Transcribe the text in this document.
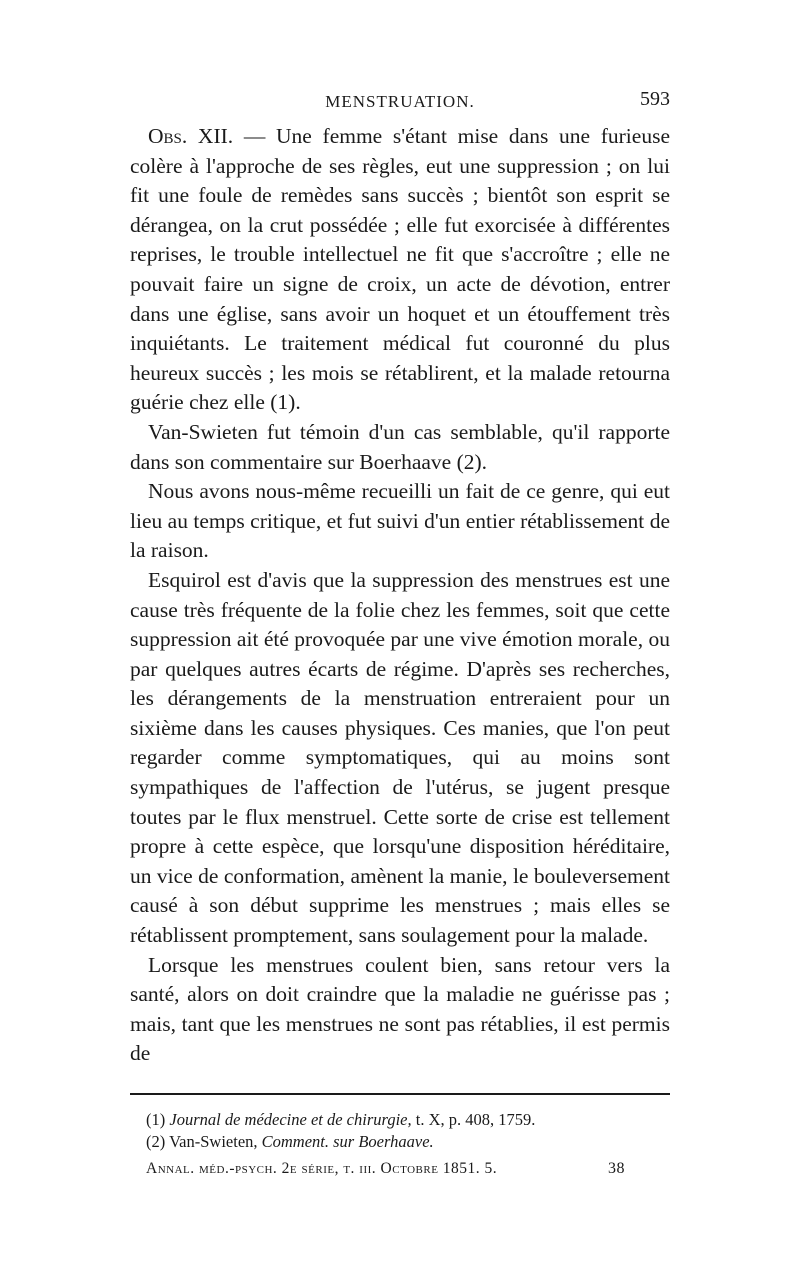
MENSTRUATION.	593

Obs. XII. — Une femme s'étant mise dans une furieuse colère à l'approche de ses règles, eut une suppression ; on lui fit une foule de remèdes sans succès ; bientôt son esprit se dérangea, on la crut possédée ; elle fut exorcisée à différentes reprises, le trouble intellectuel ne fit que s'accroître ; elle ne pouvait faire un signe de croix, un acte de dévotion, entrer dans une église, sans avoir un hoquet et un étouffement très inquiétants. Le traitement médical fut couronné du plus heureux succès ; les mois se rétablirent, et la malade retourna guérie chez elle (1).

Van-Swieten fut témoin d'un cas semblable, qu'il rapporte dans son commentaire sur Boerhaave (2).

Nous avons nous-même recueilli un fait de ce genre, qui eut lieu au temps critique, et fut suivi d'un entier rétablissement de la raison.

Esquirol est d'avis que la suppression des menstrues est une cause très fréquente de la folie chez les femmes, soit que cette suppression ait été provoquée par une vive émotion morale, ou par quelques autres écarts de régime. D'après ses recherches, les dérangements de la menstruation entreraient pour un sixième dans les causes physiques. Ces manies, que l'on peut regarder comme symptomatiques, qui au moins sont sympathiques de l'affection de l'utérus, se jugent presque toutes par le flux menstruel. Cette sorte de crise est tellement propre à cette espèce, que lorsqu'une disposition héréditaire, un vice de conformation, amènent la manie, le bouleversement causé à son début supprime les menstrues ; mais elles se rétablissent promptement, sans soulagement pour la malade.

Lorsque les menstrues coulent bien, sans retour vers la santé, alors on doit craindre que la maladie ne guérisse pas ; mais, tant que les menstrues ne sont pas rétablies, il est permis de

(1) Journal de médecine et de chirurgie, t. X, p. 408, 1759.
(2) Van-Swieten, Comment. sur Boerhaave.
Annal. méd.-psych. 2e série, t. iii. Octobre 1851. 5.	38
